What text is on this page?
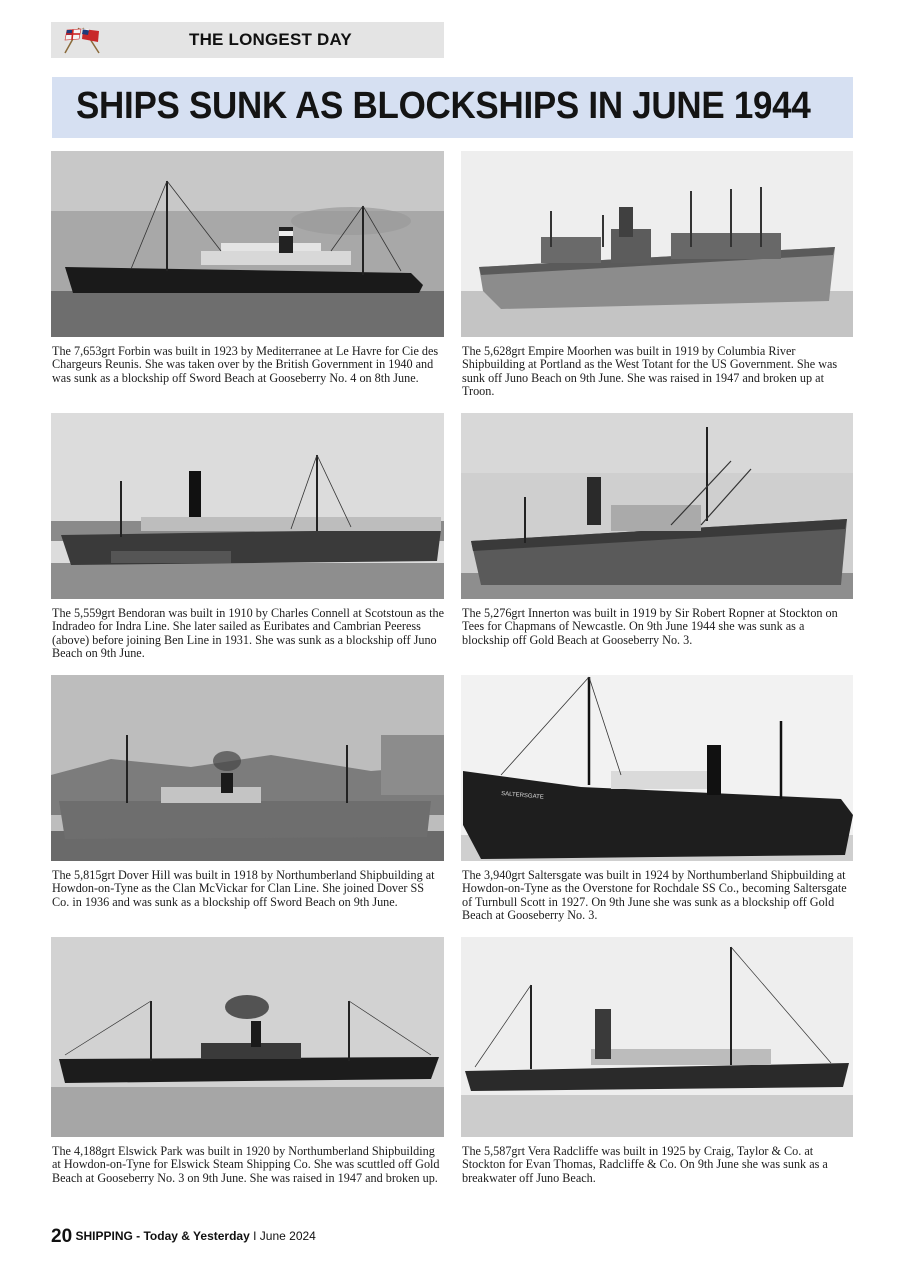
THE LONGEST DAY
SHIPS SUNK AS BLOCKSHIPS IN JUNE 1944
The 7,653grt Forbin was built in 1923 by Mediterranee at Le Havre for Cie des Chargeurs Reunis. She was taken over by the British Government in 1940 and was sunk as a blockship off Sword Beach at Gooseberry No. 4 on 8th June.
The 5,628grt Empire Moorhen was built in 1919 by Columbia River Shipbuilding at Portland as the West Totant for the US Government. She was sunk off Juno Beach on 9th June. She was raised in 1947 and broken up at Troon.
The 5,559grt Bendoran was built in 1910 by Charles Connell at Scotstoun as the Indradeo for Indra Line. She later sailed as Euribates and Cambrian Peeress (above) before joining Ben Line in 1931. She was sunk as a blockship off Juno Beach on 9th June.
The 5,276grt Innerton was built in 1919 by Sir Robert Ropner at Stockton on Tees for Chapmans of Newcastle. On 9th June 1944 she was sunk as a blockship off Gold Beach at Gooseberry No. 3.
SALTERSGATE
The 5,815grt Dover Hill was built in 1918 by Northumberland Shipbuilding at Howdon-on-Tyne as the Clan McVickar for Clan Line. She joined Dover SS Co. in 1936 and was sunk as a blockship off Sword Beach on 9th June.
The 3,940grt Saltersgate was built in 1924 by Northumberland Shipbuilding at Howdon-on-Tyne as the Overstone for Rochdale SS Co., becoming Saltersgate of Turnbull Scott in 1927. On 9th June she was sunk as a blockship off Gold Beach at Gooseberry No. 3.
The 4,188grt Elswick Park was built in 1920 by Northumberland Shipbuilding at Howdon-on-Tyne for Elswick Steam Shipping Co. She was scuttled off Gold Beach at Gooseberry No. 3 on 9th June. She was raised in 1947 and broken up.
The 5,587grt Vera Radcliffe was built in 1925 by Craig, Taylor & Co. at Stockton for Evan Thomas, Radcliffe & Co. On 9th June she was sunk as a breakwater off Juno Beach.
20 SHIPPING - Today & Yesterday I June 2024
